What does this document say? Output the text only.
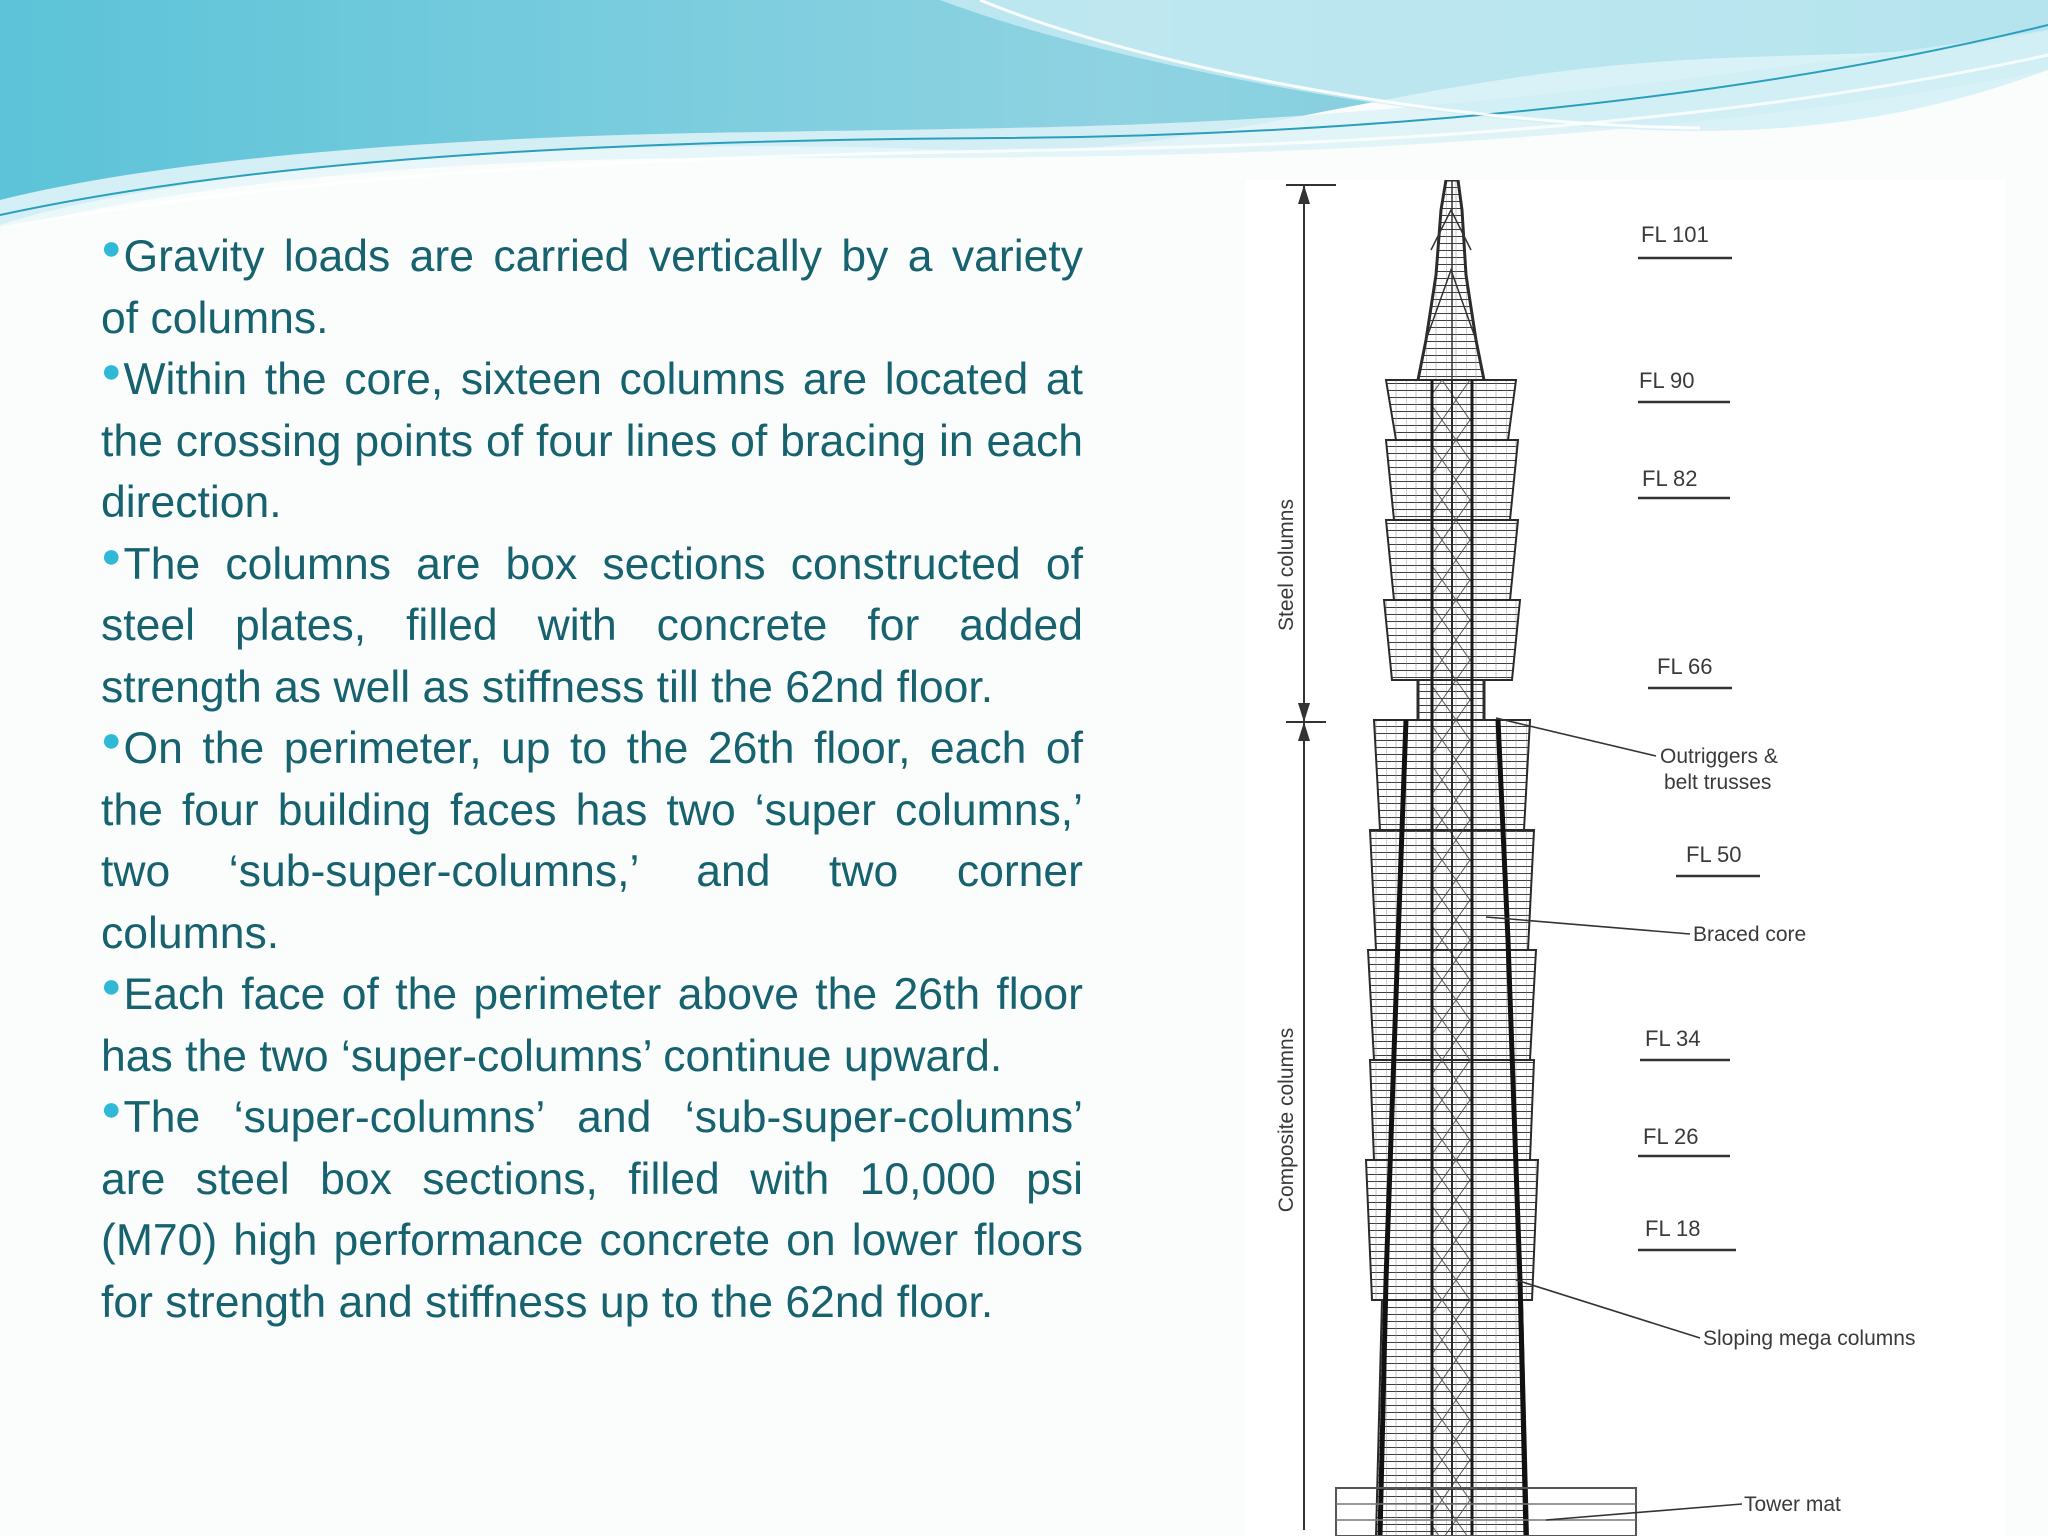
●Gravity loads are carried vertically by a variety of columns.
●Within the core, sixteen columns are located at the crossing points of four lines of bracing in each direction.
●The columns are box sections constructed of steel plates, filled with concrete for added strength as well as stiffness till the 62nd floor.
●On the perimeter, up to the 26th floor, each of the four building faces has two ‘super columns,’ two ‘sub-super-columns,’ and two corner columns.
●Each face of the perimeter above the 26th floor has the two ‘super-columns’ continue upward.
●The ‘super-columns’ and ‘sub-super-columns’ are steel box sections, filled with 10,000 psi (M70) high performance concrete on lower floors for strength and stiffness up to the 62nd floor.
Steel columns
Composite columns
FL 101
FL 90
FL 82
FL 66
FL 50
FL 34
FL 26
FL 18
Outriggers &
belt trusses
Braced core
Sloping mega columns
Tower mat
